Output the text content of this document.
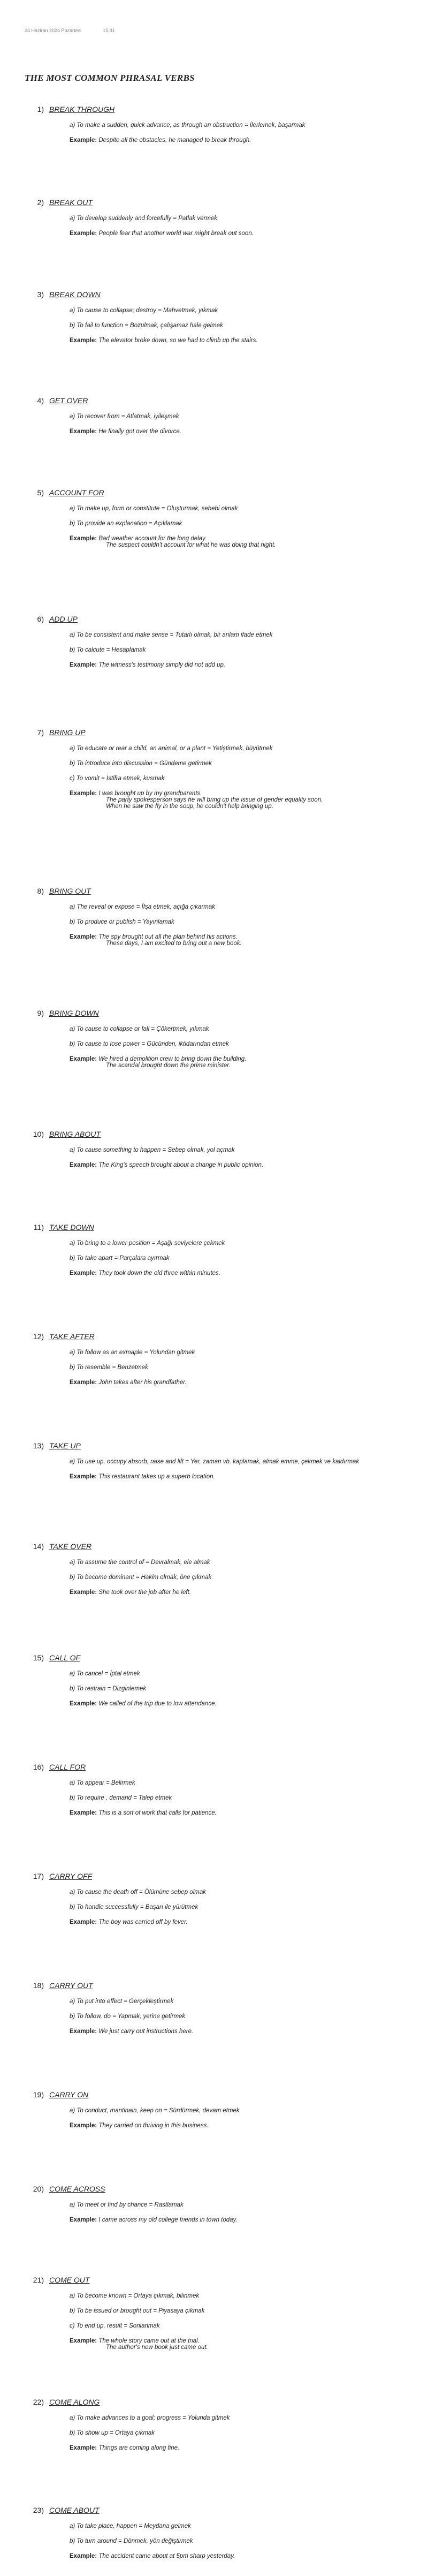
24 Haziran 2024 Pazartesi	15:31
THE MOST COMMON PHRASAL VERBS
1) BREAK THROUGH
a) To make a sudden, quick advance, as through an obstruction = İlerlemek, başarmak
Example: Despite all the obstacles, he managed to break through.
2) BREAK OUT
a) To develop suddenly and forcefully = Patlak vermek
Example: People fear that another world war might break out soon.
3) BREAK DOWN
a) To cause to collapse; destroy = Mahvetmek, yıkmak
b) To fail to function = Bozulmak, çalışamaz hale gelmek
Example: The elevator broke down, so we had to climb up the stairs.
4) GET OVER
a) To recover from = Atlatmak, iyileşmek
Example: He finally got over the divorce.
5) ACCOUNT FOR
a) To make up, form or constitute = Oluşturmak, sebebi olmak
b) To provide an explanation = Açıklamak
Example: Bad weather account for the long delay.
The suspect couldn't account for what he was doing that night.
6) ADD UP
a) To be consistent and make sense = Tutarlı olmak, bir anlam ifade etmek
b) To calcute = Hesaplamak
Example: The witness's testimony simply did not add up.
7) BRING UP
a) To educate or rear a child, an animal, or a plant = Yetiştirmek, büyütmek
b) To introduce into discussion = Gündeme getirmek
c) To vomit = İstifra etmek, kusmak
Example: I was brought up by my grandparents.
The party spokesperson says he will bring up the issue of gender equality soon.
When he saw the fly in the soup, he couldn't help bringing up.
8) BRING OUT
a) The reveal or expose = İfşa etmek, açığa çıkarmak
b) To produce or publish = Yayınlamak
Example: The spy brought out all the plan behind his actions.
These days, I am excited to bring out a new book.
9) BRING DOWN
a) To cause to collapse or fall = Çökertmek, yıkmak
b) To cause to lose power = Gücünden, iktidarından etmek
Example: We hired a demolition crew to bring down the building.
The scandal brought down the prime minister.
10) BRING ABOUT
a) To cause something to happen = Sebep olmak, yol açmak
Example: The King's speech brought about a change in public opinion.
11) TAKE DOWN
a) To bring to a lower position = Aşağı seviyelere çekmek
b) To take apart = Parçalara ayırmak
Example: They took down the old three within minutes.
12) TAKE AFTER
a) To follow as an exmaple = Yolundan gitmek
b) To resemble = Benzetmek
Example: John takes after his grandfather.
13) TAKE UP
a) To use up, occupy absorb, raise and lift = Yer, zaman vb. kaplamak, almak emme, çekmek ve kaldırmak
Example: This restaurant takes up a superb location.
14) TAKE OVER
a) To assume the control of = Devralmak, ele almak
b) To become dominant = Hakim olmak, öne çıkmak
Example: She took over the job after he left.
15) CALL OF
a) To cancel = İptal etmek
b) To restrain = Dizginlemek
Example: We called of the trip due to low attendance.
16) CALL FOR
a) To appear = Belirmek
b) To require , demand = Talep etmek
Example: This is a sort of work that calls for patience.
17) CARRY OFF
a) To cause the death off = Ölümüne sebep olmak
b) To handle successfully = Başarı ile yürütmek
Example: The boy was carried off by fever.
18) CARRY OUT
a) To put into effect = Gerçekleştirmek
b) To follow, do = Yapmak, yerine getirmek
Example: We just carry out instructions here.
19) CARRY ON
a) To conduct, mantinain, keep on = Sürdürmek, devam etmek
Example: They carried on thriving in this business.
20) COME ACROSS
a) To meet or find by chance = Rastlamak
Example: I came across my old college friends in town today.
21) COME OUT
a) To become known = Ortaya çıkmak, bilinmek
b) To be issued or brought out = Piyasaya çıkmak
c) To end up, result = Sonlanmak
Example: The whole story came out at the trial.
The author's new book just came out.
22) COME ALONG
a) To make advances to a goal; progress = Yolunda gitmek
b) To show up = Ortaya çıkmak
Example: Things are coming along fine.
23) COME ABOUT
a) To take place, happen = Meydana gelmek
b) To turn around = Dönmek, yön değiştirmek
Example: The accident came about at 5pm sharp yesterday.
